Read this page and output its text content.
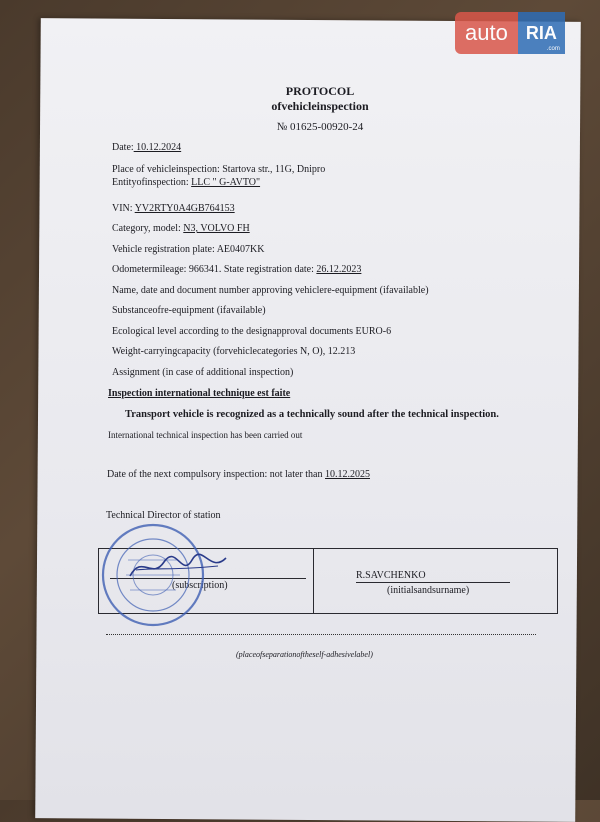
auto	RIA
.com
PROTOCOL
ofvehicleinspection
№ 01625-00920-24
Date: 10.12.2024
Place of vehicleinspection: Startova str., 11G, Dnipro
Entityofinspection: LLC " G-AVTO"
VIN: YV2RTY0A4GB764153
Category, model: N3, VOLVO FH
Vehicle registration plate: AE0407KK
Odometermileage: 966341. State registration date: 26.12.2023
Name, date and document number approving vehiclere-equipment (ifavailable)
Substanceofre-equipment (ifavailable)
Ecological level according to the designapproval documents EURO-6
Weight-carryingcapacity (forvehiclecategories N, O), 12.213
Assignment (in case of additional inspection)
Inspection international technique est faite
Transport vehicle is recognized as a technically sound after the technical inspection.
International technical inspection has been carried out
Date of the next compulsory inspection: not later than 10.12.2025
Technical Director of station
(subscription)
R.SAVCHENKO
(initialsandsurname)
(placeofseparationoftheself-adhesivelabel)
